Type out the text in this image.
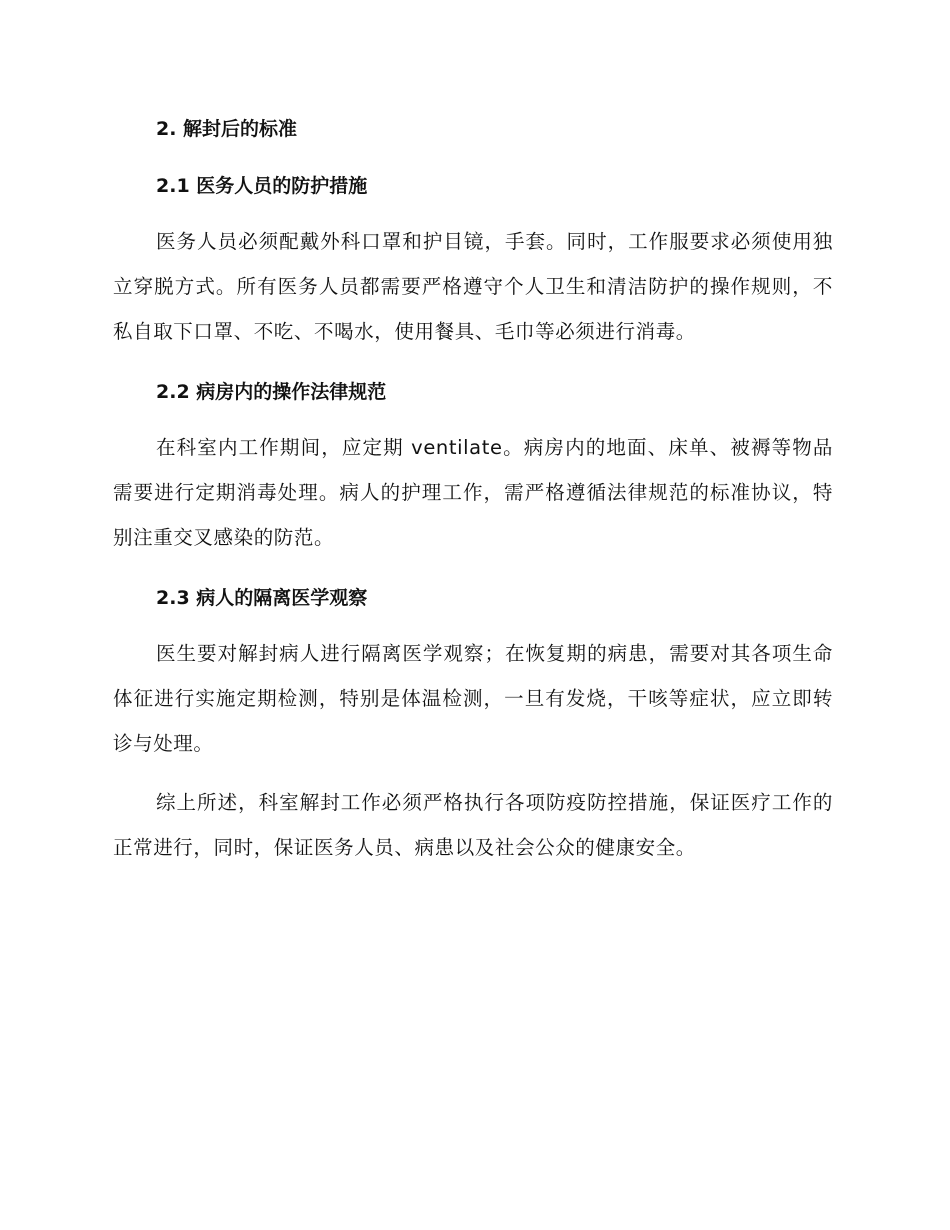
2. 解封后的标准
2.1 医务人员的防护措施

医务人员必须配戴外科口罩和护目镜，手套。同时，工作服要求必须使用独立穿脱方式。所有医务人员都需要严格遵守个人卫生和清洁防护的操作规则，不私自取下口罩、不吃、不喝水，使用餐具、毛巾等必须进行消毒。

2.2 病房内的操作法律规范

在科室内工作期间，应定期 ventilate。病房内的地面、床单、被褥等物品需要进行定期消毒处理。病人的护理工作，需严格遵循法律规范的标准协议，特别注重交叉感染的防范。

2.3 病人的隔离医学观察

医生要对解封病人进行隔离医学观察；在恢复期的病患，需要对其各项生命体征进行实施定期检测，特别是体温检测，一旦有发烧，干咳等症状，应立即转诊与处理。

综上所述，科室解封工作必须严格执行各项防疫防控措施，保证医疗工作的正常进行，同时，保证医务人员、病患以及社会公众的健康安全。
